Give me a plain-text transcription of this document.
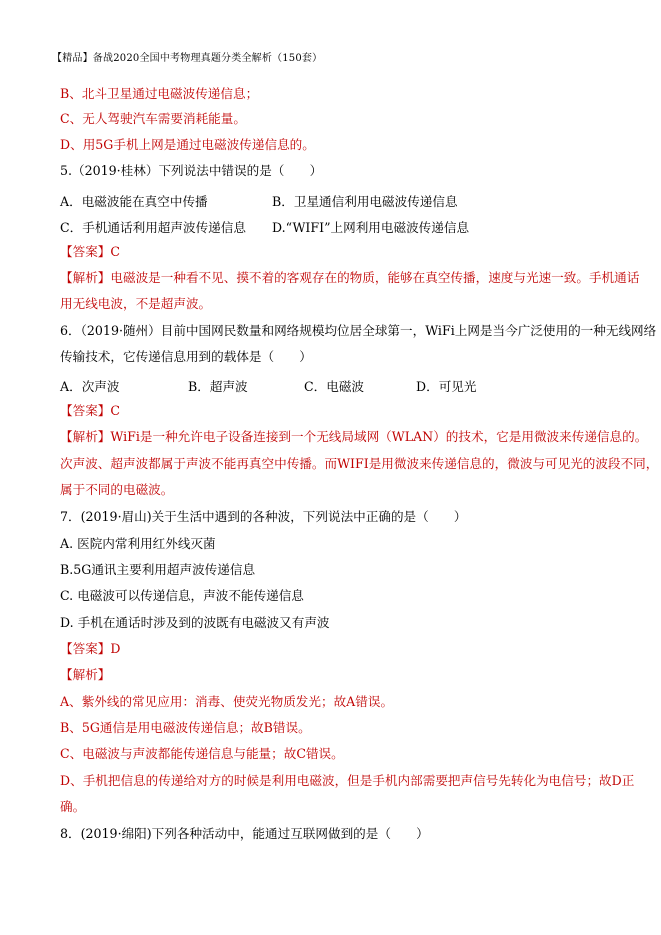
【精品】备战2020全国中考物理真题分类全解析（150套）
B、北斗卫星通过电磁波传递信息；
C、无人驾驶汽车需要消耗能量。
D、用5G手机上网是通过电磁波传递信息的。
5.（2019·桂林）下列说法中错误的是（　　）
A．电磁波能在真空中传播	B．卫星通信利用电磁波传递信息
C．手机通话利用超声波传递信息 D.“WIFI”上网利用电磁波传递信息
【答案】C
【解析】电磁波是一种看不见、摸不着的客观存在的物质，能够在真空传播，速度与光速一致。手机通话
用无线电波，不是超声波。
6．（2019·随州）目前中国网民数量和网络规模均位居全球第一，WiFi上网是当今广泛使用的一种无线网络
传输技术，它传递信息用到的载体是（　　）
A．次声波	B．超声波	C．电磁波	D．可见光
【答案】C
【解析】WiFi是一种允许电子设备连接到一个无线局域网（WLAN）的技术，它是用微波来传递信息的。
次声波、超声波都属于声波不能再真空中传播。而WIFI是用微波来传递信息的，微波与可见光的波段不同，
属于不同的电磁波。
7．(2019·眉山)关于生活中遇到的各种波，下列说法中正确的是（　　）
A. 医院内常利用红外线灭菌
B.5G通讯主要利用超声波传递信息
C. 电磁波可以传递信息，声波不能传递信息
D. 手机在通话时涉及到的波既有电磁波又有声波
【答案】D
【解析】
A、紫外线的常见应用：消毒、使荧光物质发光；故A错误。
B、5G通信是用电磁波传递信息；故B错误。
C、电磁波与声波都能传递信息与能量；故C错误。
D、手机把信息的传递给对方的时候是利用电磁波，但是手机内部需要把声信号先转化为电信号；故D正
确。
8．(2019·绵阳)下列各种活动中，能通过互联网做到的是（　　）
